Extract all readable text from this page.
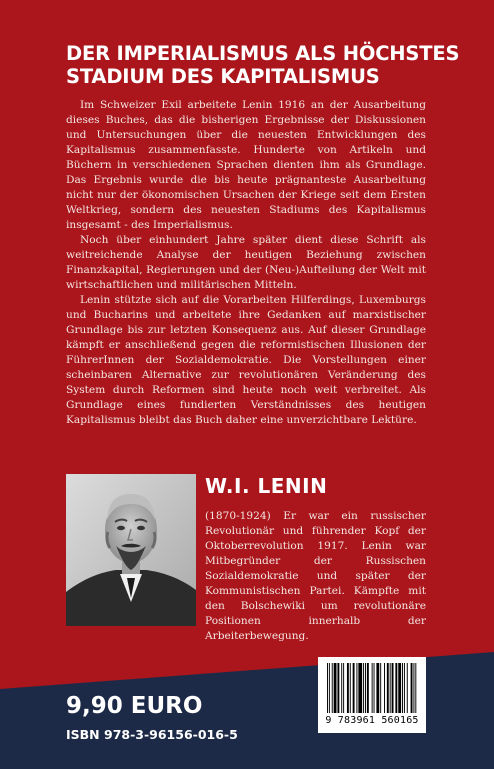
DER IMPERIALISMUS ALS HÖCHSTES
STADIUM DES KAPITALISMUS

Im Schweizer Exil arbeitete Lenin 1916 an der Ausarbeitung dieses Buches, das die bisherigen Ergebnisse der Diskussionen und Untersuchungen über die neuesten Entwicklungen des Kapitalismus zusammenfasste. Hunderte von Artikeln und Büchern in verschiedenen Sprachen dienten ihm als Grundlage. Das Ergebnis wurde die bis heute prägnanteste Ausarbeitung nicht nur der ökonomischen Ursachen der Kriege seit dem Ersten Weltkrieg, sondern des neuesten Stadiums des Kapitalismus insgesamt - des Imperialismus.

Noch über einhundert Jahre später dient diese Schrift als weitreichende Analyse der heutigen Beziehung zwischen Finanzkapital, Regierungen und der (Neu-)Aufteilung der Welt mit wirtschaftlichen und militärischen Mitteln.

Lenin stützte sich auf die Vorarbeiten Hilferdings, Luxemburgs und Bucharins und arbeitete ihre Gedanken auf marxistischer Grundlage bis zur letzten Konsequenz aus. Auf dieser Grundlage kämpft er anschließend gegen die reformistischen Illusionen der FührerInnen der Sozialdemokratie. Die Vorstellungen einer scheinbaren Alternative zur revolutionären Veränderung des System durch Reformen sind heute noch weit verbreitet. Als Grundlage eines fundierten Verständnisses des heutigen Kapitalismus bleibt das Buch daher eine unverzichtbare Lektüre.

W.I. LENIN

(1870-1924) Er war ein russischer Revolutionär und führender Kopf der Oktoberrevolution 1917. Lenin war Mitbegründer der Russischen Sozialdemokratie und später der Kommunistischen Partei. Kämpfte mit den Bolschewiki um revolutionäre Positionen innerhalb der Arbeiterbewegung.

9,90 EURO

ISBN 978-3-96156-016-5

9 783961 560165
